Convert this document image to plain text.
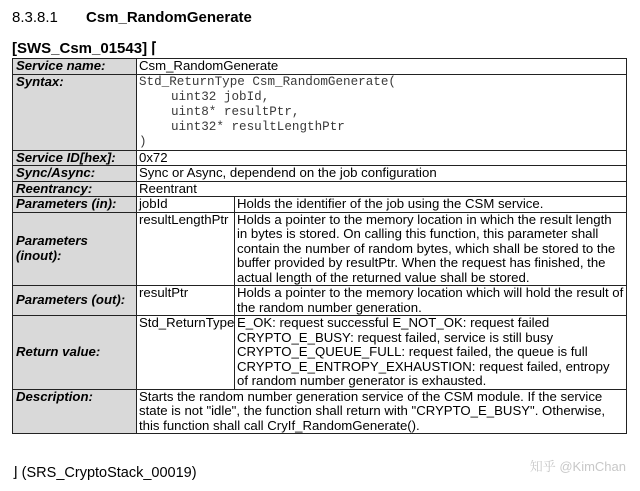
8.3.8.1 Csm_RandomGenerate
[SWS_Csm_01543] ⌈
Service name:	Csm_RandomGenerate	
Syntax:	Std_ReturnType Csm_RandomGenerate(
uint32 jobId,
uint8* resultPtr,
uint32* resultLengthPtr
)	

Service ID[hex]:	0x72	
Sync/Async:	Sync or Async, dependend on the job configuration	
Reentrancy:	Reentrant	
Parameters (in):	jobId	Holds the identifier of the job using the CSM service.
Parameters (inout):	resultLengthPtr	Holds a pointer to the memory location in which the result length in bytes is stored. On calling this function, this parameter shall contain the number of random bytes, which shall be stored to the buffer provided by resultPtr. When the request has finished, the actual length of the returned value shall be stored.
Parameters (out):	resultPtr	Holds a pointer to the memory location which will hold the result of the random number generation.
Return value:	Std_ReturnType	E_OK: request successful E_NOT_OK: request failed
CRYPTO_E_BUSY: request failed, service is still busy
CRYPTO_E_QUEUE_FULL: request failed, the queue is full
CRYPTO_E_ENTROPY_EXHAUSTION: request failed, entropy of random number generator is exhausted.

Description:	Starts the random number generation service of the CSM module. If the service state is not "idle", the function shall return with "CRYPTO_E_BUSY". Otherwise, this function shall call CryIf_RandomGenerate().	
⌋ (SRS_CryptoStack_00019)	知乎 @KimChan
